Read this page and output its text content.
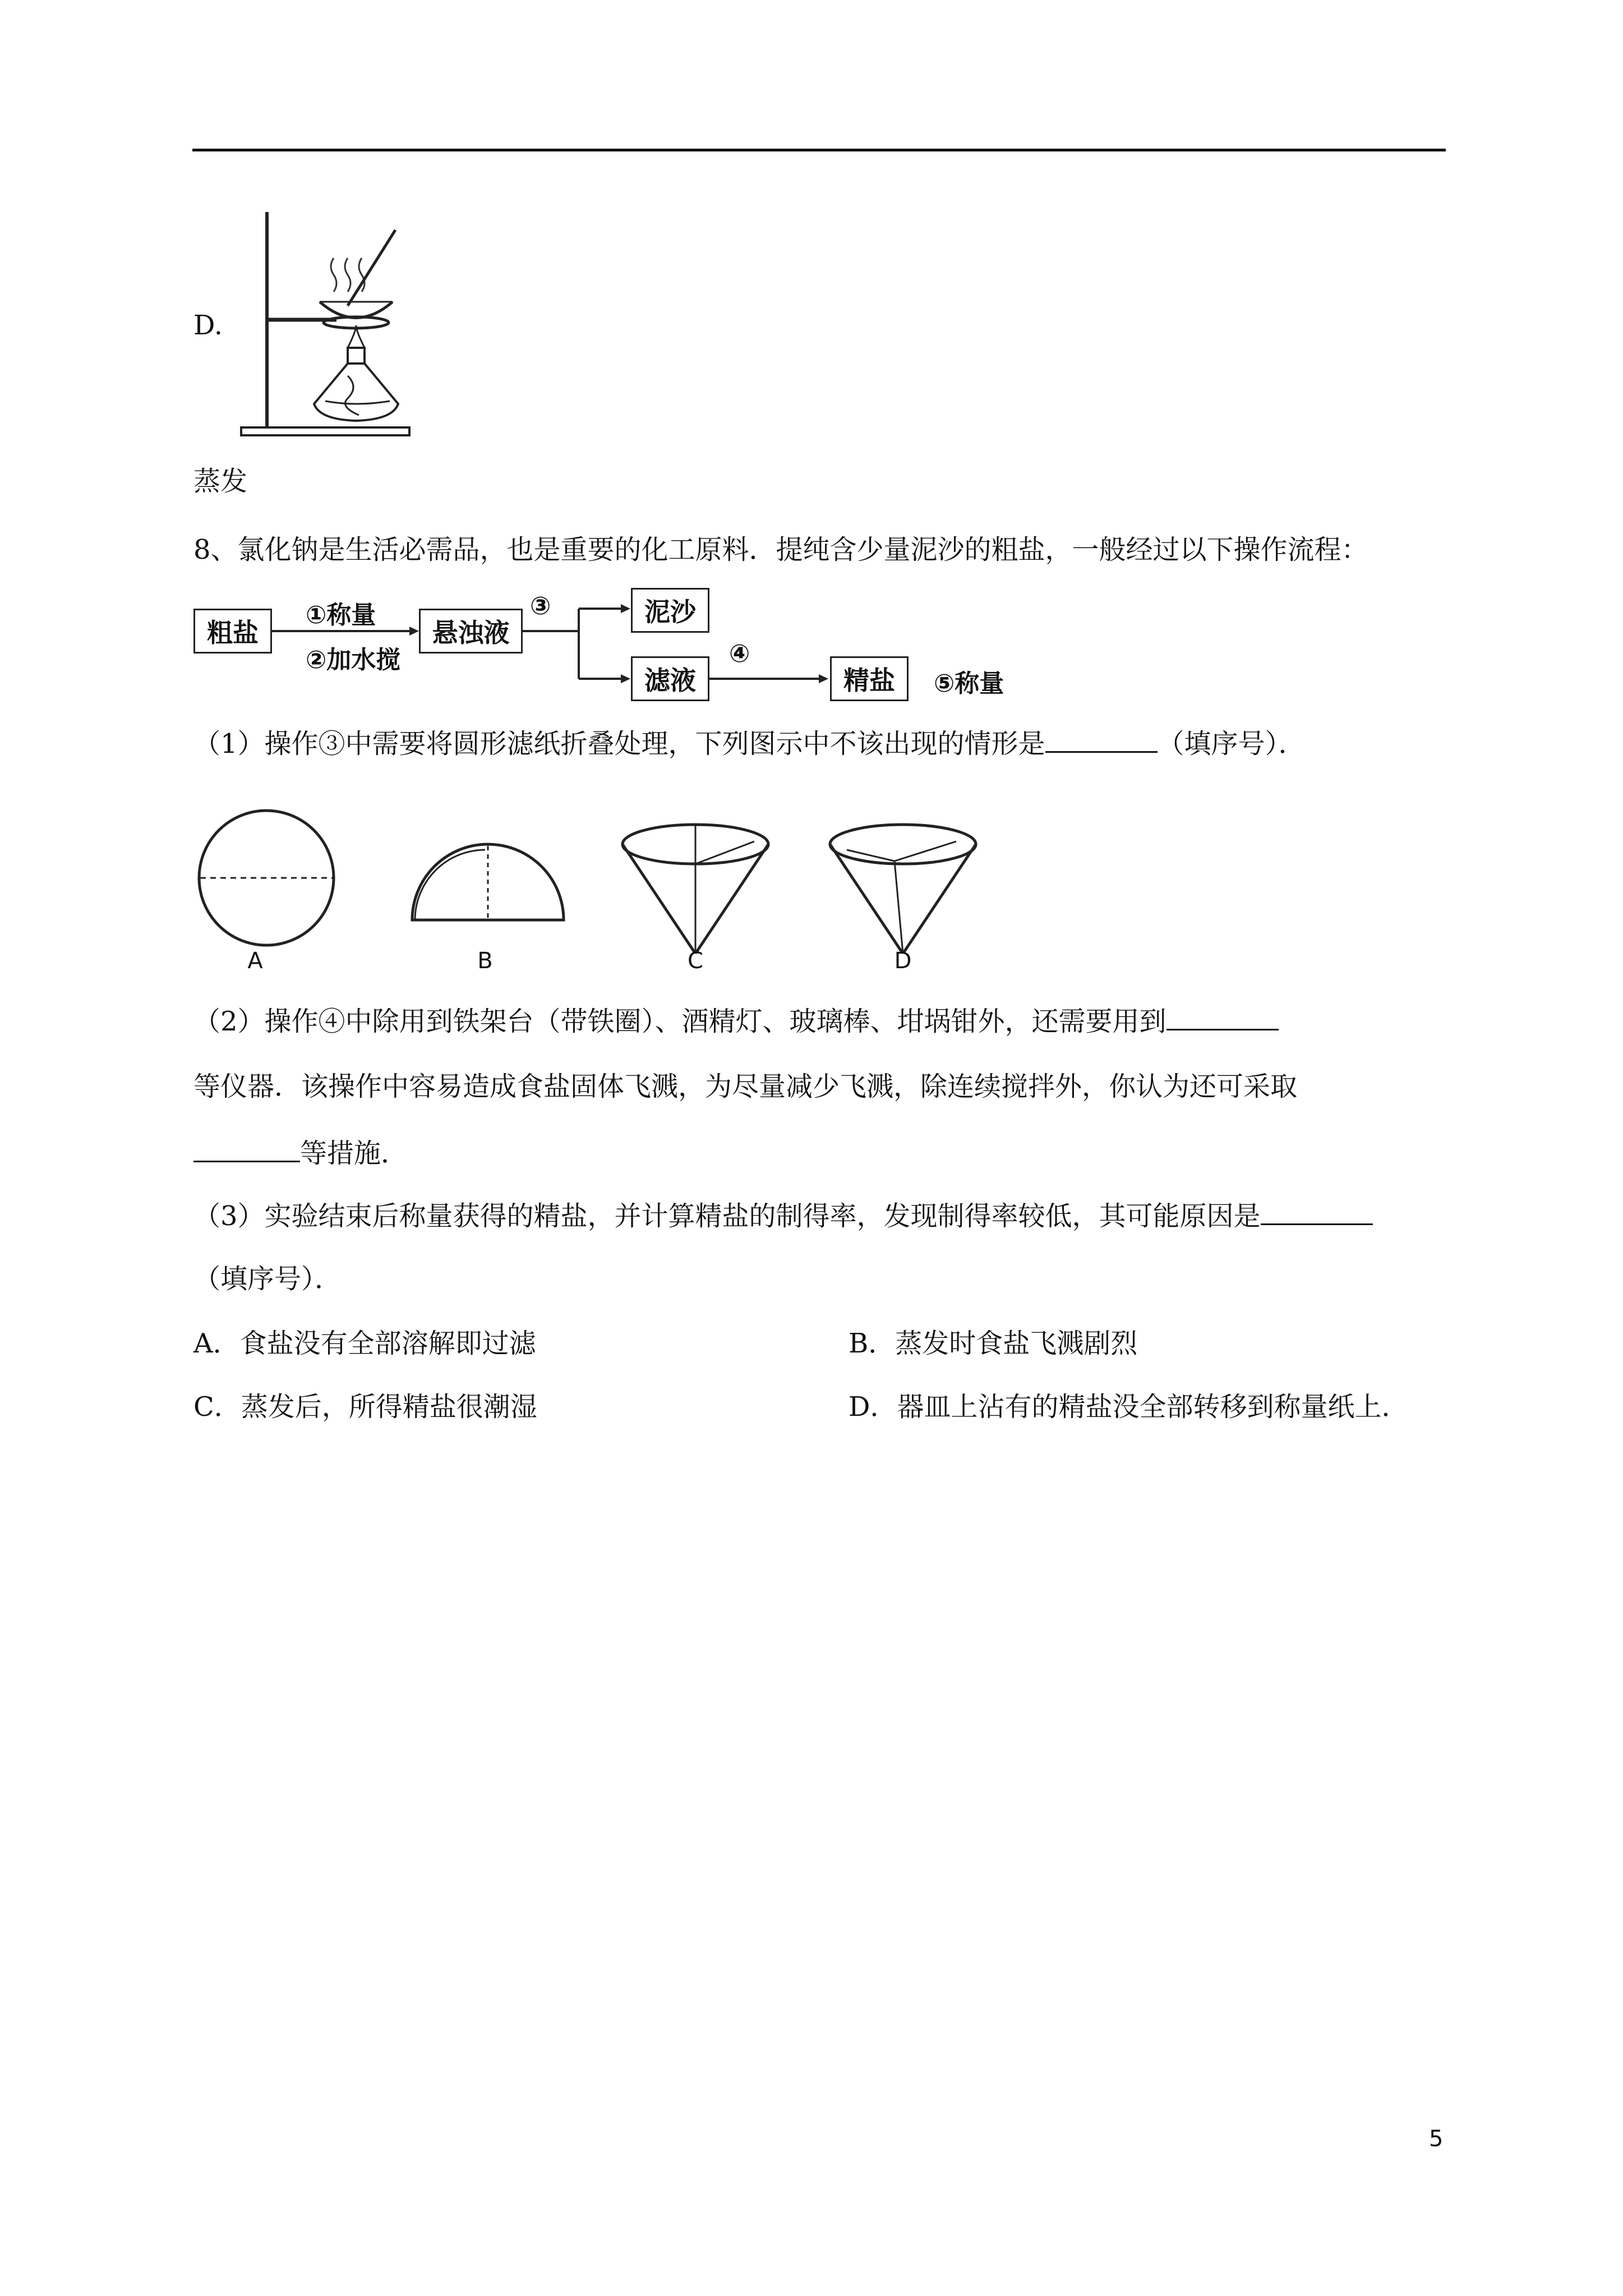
D.
蒸发
8、氯化钠是生活必需品，也是重要的化工原料．提纯含少量泥沙的粗盐，一般经过以下操作流程：
粗盐
①称量
②加水搅
悬浊液
③	泥沙
滤液
④
精盐	⑤称量
（1）操作③中需要将圆形滤纸折叠处理，下列图示中不该出现的情形是	（填序号）．
A	B	C	D
（2）操作④中除用到铁架台（带铁圈）、酒精灯、玻璃棒、坩埚钳外，还需要用到
等仪器．该操作中容易造成食盐固体飞溅，为尽量减少飞溅，除连续搅拌外，你认为还可采取
等措施．
（3）实验结束后称量获得的精盐，并计算精盐的制得率，发现制得率较低，其可能原因是
（填序号）．
A．食盐没有全部溶解即过滤	B．蒸发时食盐飞溅剧烈
C．蒸发后，所得精盐很潮湿	D．器皿上沾有的精盐没全部转移到称量纸上．
5
